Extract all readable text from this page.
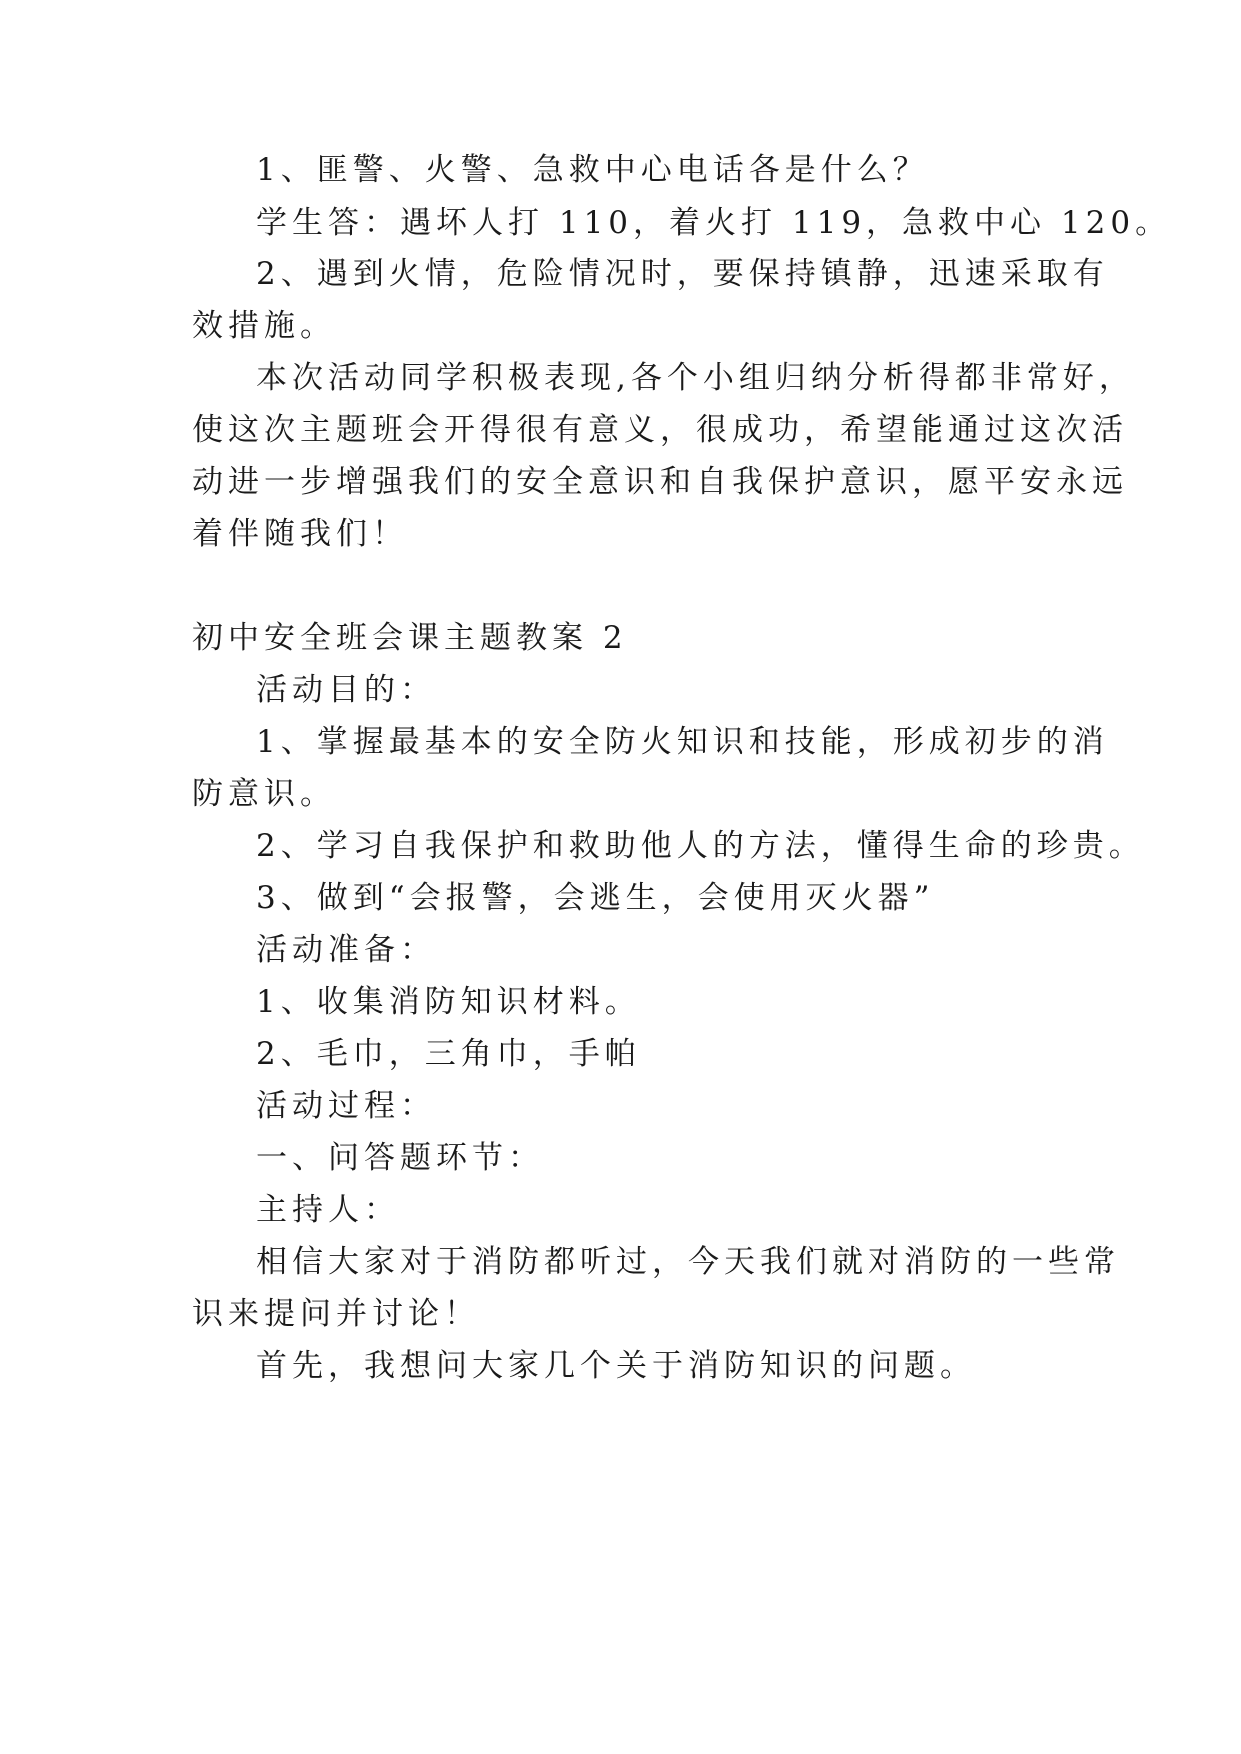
1、匪警、火警、急救中心电话各是什么？
学生答：遇坏人打 110，着火打 119，急救中心 120。
2、遇到火情，危险情况时，要保持镇静，迅速采取有
效措施。
本次活动同学积极表现,各个小组归纳分析得都非常好，
使这次主题班会开得很有意义，很成功，希望能通过这次活
动进一步增强我们的安全意识和自我保护意识，愿平安永远
着伴随我们！
初中安全班会课主题教案 2
活动目的：
1、掌握最基本的安全防火知识和技能，形成初步的消
防意识。
2、学习自我保护和救助他人的方法，懂得生命的珍贵。
3、做到“会报警，会逃生，会使用灭火器”
活动准备：
1、收集消防知识材料。
2、毛巾，三角巾，手帕
活动过程：
一、问答题环节：
主持人：
相信大家对于消防都听过，今天我们就对消防的一些常
识来提问并讨论！
首先，我想问大家几个关于消防知识的问题。
